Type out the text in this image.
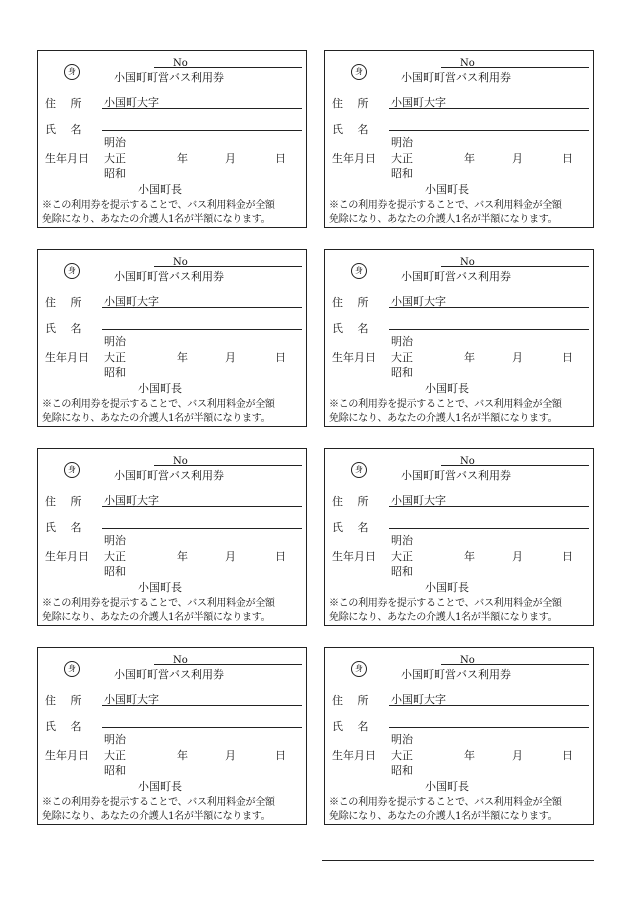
身
No
小国町町営バス利用券
住　 所 小国町大字
氏　 名
生年月日
明治
大正
昭和
年	月	日
小国町長
※この利用券を提示することで、バス利用料金が全額
免除になり、あなたの介護人1名が半額になります。
身
No
小国町町営バス利用券
住　 所 小国町大字
氏　 名
生年月日
明治
大正
昭和
年	月	日
小国町長
※この利用券を提示することで、バス利用料金が全額
免除になり、あなたの介護人1名が半額になります。
身
No
小国町町営バス利用券
住　 所 小国町大字
氏　 名
生年月日
明治
大正
昭和
年	月	日
小国町長
※この利用券を提示することで、バス利用料金が全額
免除になり、あなたの介護人1名が半額になります。
身
No
小国町町営バス利用券
住　 所 小国町大字
氏　 名
生年月日
明治
大正
昭和
年	月	日
小国町長
※この利用券を提示することで、バス利用料金が全額
免除になり、あなたの介護人1名が半額になります。
身
No
小国町町営バス利用券
住　 所 小国町大字
氏　 名
生年月日
明治
大正
昭和
年	月	日
小国町長
※この利用券を提示することで、バス利用料金が全額
免除になり、あなたの介護人1名が半額になります。
身
No
小国町町営バス利用券
住　 所 小国町大字
氏　 名
生年月日
明治
大正
昭和
年	月	日
小国町長
※この利用券を提示することで、バス利用料金が全額
免除になり、あなたの介護人1名が半額になります。
身
No
小国町町営バス利用券
住　 所 小国町大字
氏　 名
生年月日
明治
大正
昭和
年	月	日
小国町長
※この利用券を提示することで、バス利用料金が全額
免除になり、あなたの介護人1名が半額になります。
身
No
小国町町営バス利用券
住　 所 小国町大字
氏　 名
生年月日
明治
大正
昭和
年	月	日
小国町長
※この利用券を提示することで、バス利用料金が全額
免除になり、あなたの介護人1名が半額になります。
